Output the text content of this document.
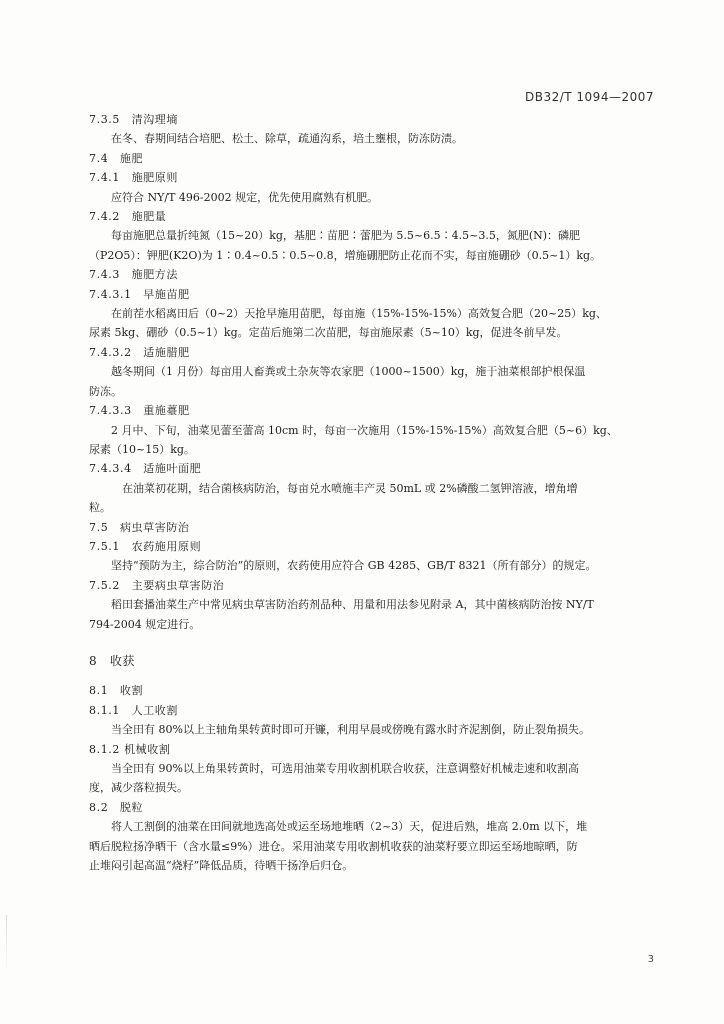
DB32/T 1094—2007
7.3.5　清沟理墒
在冬、春期间结合培肥、松土、除草，疏通沟系，培土壅根，防冻防渍。
7.4　施肥
7.4.1　施肥原则
应符合 NY/T 496-2002 规定，优先使用腐熟有机肥。
7.4.2　施肥量
每亩施肥总量折纯氮（15~20）kg，基肥∶苗肥∶蕾肥为 5.5~6.5∶4.5~3.5，氮肥(N)：磷肥
（P2O5）：钾肥(K2O)为 1∶0.4~0.5∶0.5~0.8，增施硼肥防止花而不实，每亩施硼砂（0.5~1）kg。
7.4.3　施肥方法
7.4.3.1　早施苗肥
在前茬水稻离田后（0~2）天抢早施用苗肥，每亩施（15%-15%-15%）高效复合肥（20~25）kg、
尿素 5kg、硼砂（0.5~1）kg。定苗后施第二次苗肥，每亩施尿素（5~10）kg，促进冬前早发。
7.4.3.2　适施腊肥
越冬期间（1 月份）每亩用人畜粪或土杂灰等农家肥（1000~1500）kg，施于油菜根部护根保温
防冻。
7.4.3.3　重施薹肥
2 月中、下旬，油菜见蕾至蕾高 10cm 时，每亩一次施用（15%-15%-15%）高效复合肥（5~6）kg、
尿素（10~15）kg。
7.4.3.4　适施叶面肥
　在油菜初花期，结合菌核病防治，每亩兑水喷施丰产灵 50mL 或 2%磷酸二氢钾溶液，增角增
粒。
7.5　病虫草害防治
7.5.1　农药施用原则
坚持“预防为主，综合防治”的原则，农药使用应符合 GB 4285、GB/T 8321（所有部分）的规定。
7.5.2　主要病虫草害防治
稻田套播油菜生产中常见病虫草害防治药剂品种、用量和用法参见附录 A，其中菌核病防治按 NY/T
794-2004 规定进行。
8　收获
8.1　收割
8.1.1　人工收割
当全田有 80%以上主轴角果转黄时即可开镰，利用早晨或傍晚有露水时齐泥割倒，防止裂角损失。
8.1.2 机械收割
当全田有 90%以上角果转黄时，可选用油菜专用收割机联合收获，注意调整好机械走速和收割高
度，减少落粒损失。
8.2　脱粒
将人工割倒的油菜在田间就地选高处或运至场地堆晒（2~3）天，促进后熟，堆高 2.0m 以下，堆
晒后脱粒扬净晒干（含水量≤9%）进仓。采用油菜专用收割机收获的油菜籽要立即运至场地晾晒，防
止堆闷引起高温“烧籽”降低品质，待晒干扬净后归仓。
3
